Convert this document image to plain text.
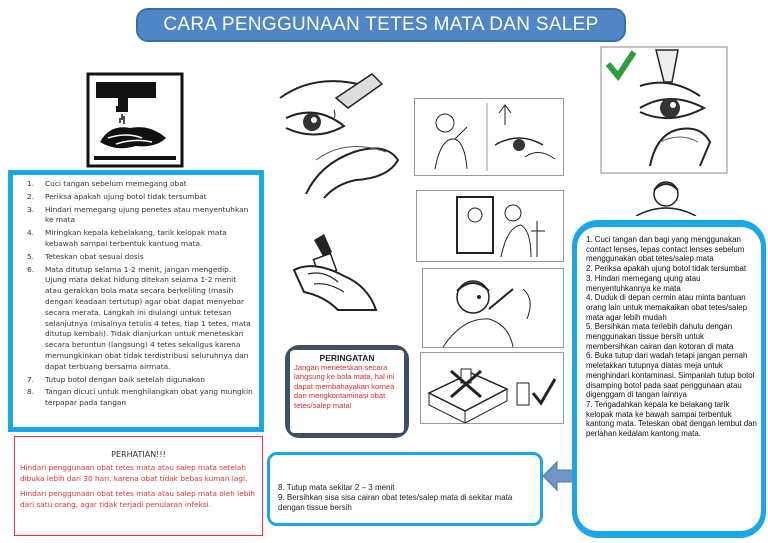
CARA PENGGUNAAN TETES MATA DAN SALEP MATA
1.	Cuci tangan sebelum memegang obat
2.	Periksa apakah ujung botol tidak tersumbat
3.	Hindari memegang ujung penetes atau menyentuhkan ke mata
4.	Miringkan kepala kebelakang, tarik kelopak mata kebawah sampai terbentuk kantung mata.
5.	Teteskan obat sesuai dosis
6.	Mata ditutup selama 1-2 menit, jangan mengedip. Ujung mata dekat hidung ditekan selama 1-2 menit atau gerakkan bola mata secara berkeliling (masih dengan keadaan tertutup) agar obat dapat menyebar secara merata. Langkah ini diulangi untuk tetesan selanjutnya (misalnya tetulis 4 tetes, tiap 1 tetes, mata ditutup kembali). Tidak dianjurkan untuk meneteskan secara beruntun (langsung) 4 tetes sekaligus karena memungkinkan obat tidak terdistribusi seluruhnya dan dapat terbuang bersama airmata.
7.	Tutup botol dengan baik setelah digunakan
8.	Tangan dicuci untuk menghilangkan obat yang mungkin terpapar pada tangan
PERHATIAN!!!

Hindari penggunaan obat tetes mata atau salep mata setelah dibuka lebih dari 30 hari, karena obat tidak bebas kuman lagi.

Hindari penggunaan obat tetes mata atau salep mata oleh lebih dari satu orang, agar tidak terjadi penularan infeksi.

PERINGATAN
Jangan meneteskan secara langsung ke bola mata, hal ini dapat membahayakan kornea dan mengkontaminasi obat tetes/salep mata!
8. Tutup mata sekitar 2 – 3 menit
9. Bersihkan sisa sisa cairan obat tetes/salep mata di sekitar mata dengan tissue bersih
1. Cuci tangan dan bagi yang menggunakan contact lenses, lepas contact lenses sebelum menggunakan obat tetes/salep mata
2. Periksa apakah ujung botol tidak tersumbat
3. Hindari memegang ujung atau menyentuhkannya ke mata
4. Duduk di depan cermin atau minta bantuan orang lain untuk memakaikan obat tetes/salep mata agar lebih mudah
5. Bersihkan mata terlebih dahulu dengan menggunakan tissue bersih untuk membersihkan cairan dan kotoran di mata
6. Buka tutup dari wadah tetapi jangan pernah meletakkan tutupnya diatas meja untuk menghindari kontaminasi. Simpanlah tutup botol disamping botol pada saat penggunaan atau digenggam di tangan lainnya
7. Tengadahkan kepala ke belakang tarik kelopak mata ke bawah sampai terbentuk kantong mata. Teteskan obat dengan lembut dan perlahan kedalam kantong mata.
